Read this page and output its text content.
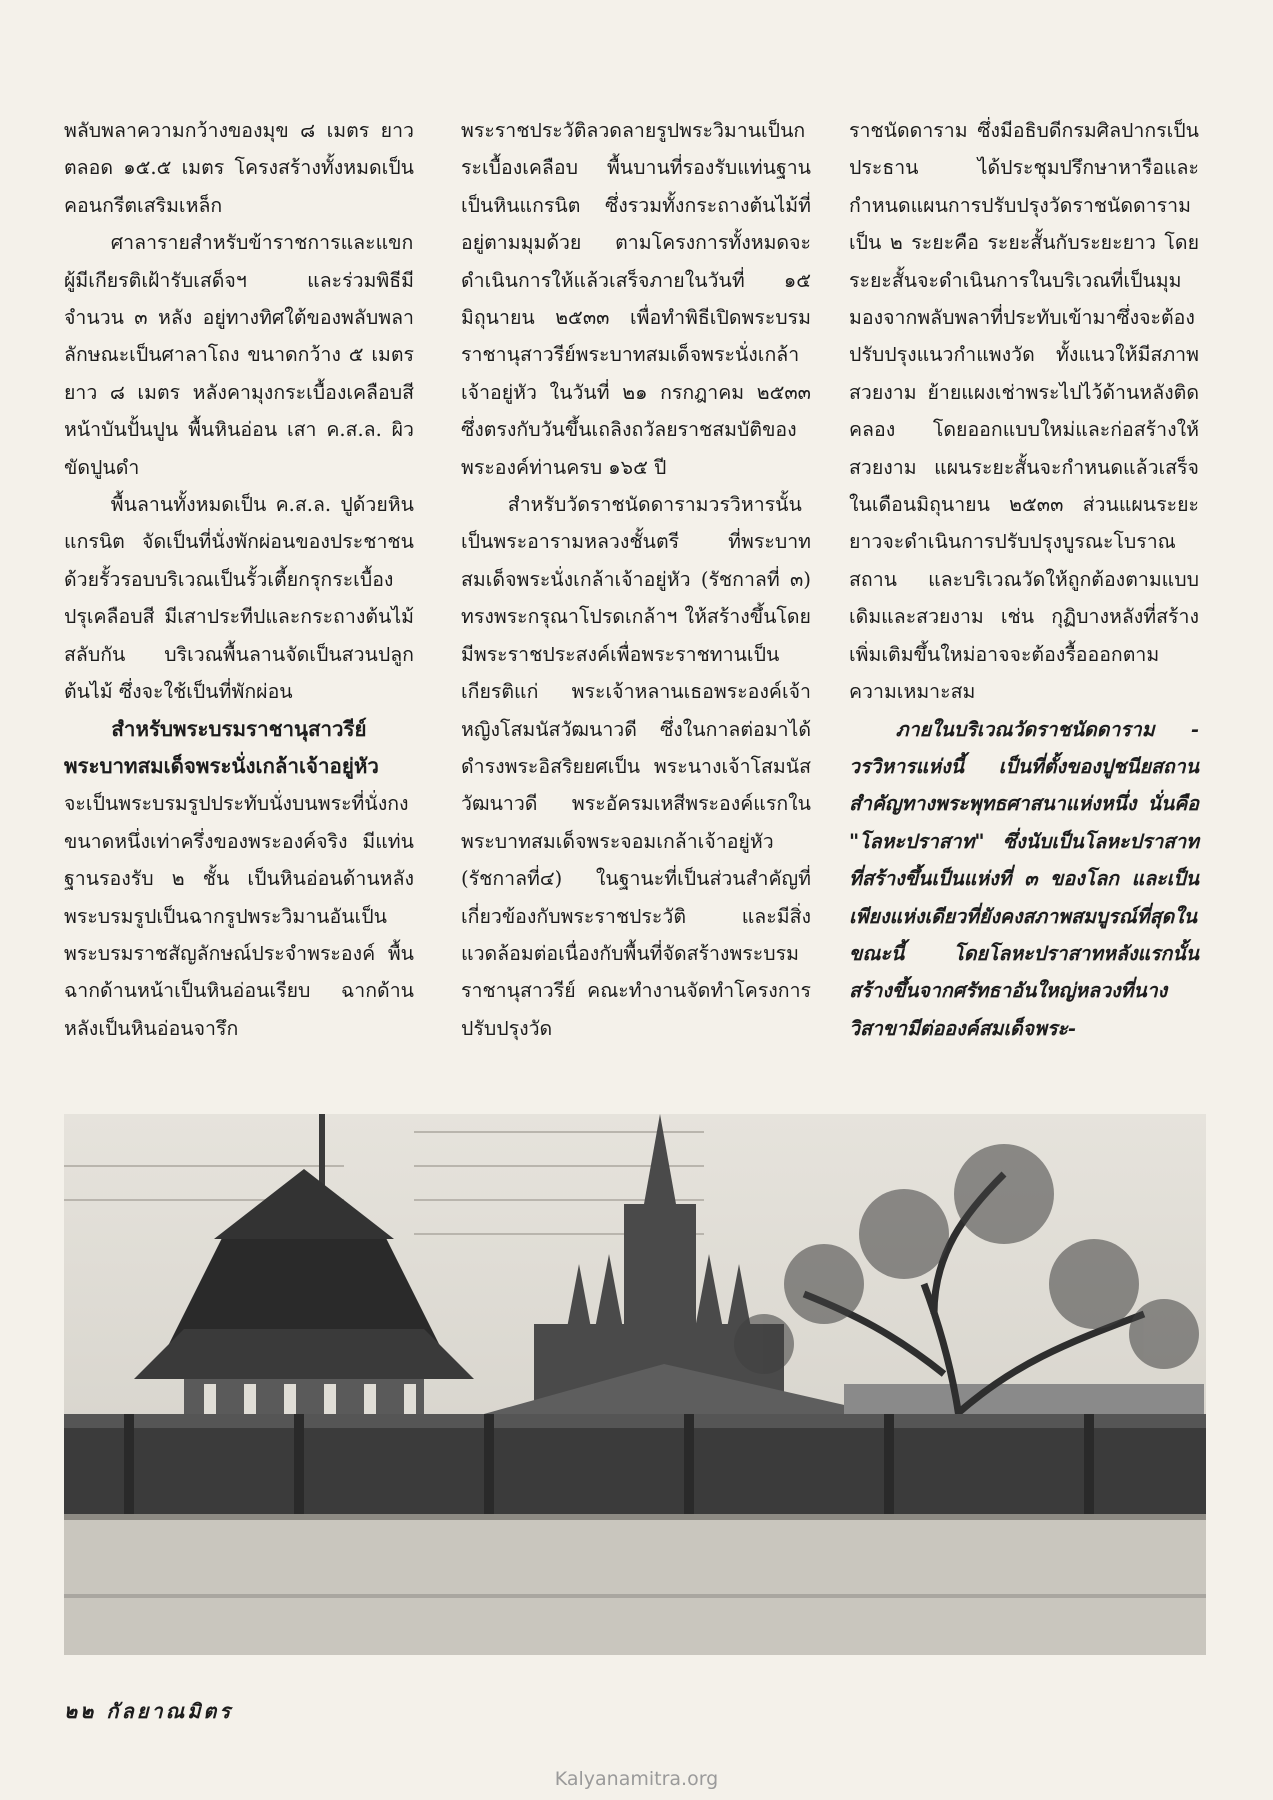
พลับพลาความกว้างของมุข ๘ เมตร ยาวตลอด ๑๕.๕ เมตร โครงสร้างทั้งหมดเป็นคอนกรีตเสริมเหล็ก

ศาลารายสำหรับข้าราชการและแขกผู้มีเกียรติเฝ้ารับเสด็จฯ และร่วมพิธีมีจำนวน ๓ หลัง อยู่ทางทิศใต้ของพลับพลา ลักษณะเป็นศาลาโถง ขนาดกว้าง ๕ เมตร ยาว ๘ เมตร หลังคามุงกระเบื้องเคลือบสี หน้าบันปั้นปูน พื้นหินอ่อน เสา ค.ส.ล. ผิวขัดปูนดำ

พื้นลานทั้งหมดเป็น ค.ส.ล. ปูด้วยหินแกรนิต จัดเป็นที่นั่งพักผ่อนของประชาชนด้วยรั้วรอบบริเวณเป็นรั้วเตี้ยกรุกระเบื้องปรุเคลือบสี มีเสาประทีปและกระถางต้นไม้สลับกัน บริเวณพื้นลานจัดเป็นสวนปลูกต้นไม้ ซึ่งจะใช้เป็นที่พักผ่อน

สำหรับพระบรมราชานุสาวรีย์

พระบาทสมเด็จพระนั่งเกล้าเจ้าอยู่หัว

จะเป็นพระบรมรูปประทับนั่งบนพระที่นั่งกงขนาดหนึ่งเท่าครึ่งของพระองค์จริง มีแท่นฐานรองรับ ๒ ชั้น เป็นหินอ่อนด้านหลังพระบรมรูปเป็นฉากรูปพระวิมานอันเป็นพระบรมราชสัญลักษณ์ประจำพระองค์ พื้นฉากด้านหน้าเป็นหินอ่อนเรียบ ฉากด้านหลังเป็นหินอ่อนจารึก

พระราชประวัติลวดลายรูปพระวิมานเป็นกระเบื้องเคลือบ พื้นบานที่รองรับแท่นฐานเป็นหินแกรนิต ซึ่งรวมทั้งกระถางต้นไม้ที่อยู่ตามมุมด้วย ตามโครงการทั้งหมดจะดำเนินการให้แล้วเสร็จภายในวันที่ ๑๕ มิถุนายน ๒๕๓๓ เพื่อทำพิธีเปิดพระบรมราชานุสาวรีย์พระบาทสมเด็จพระนั่งเกล้าเจ้าอยู่หัว ในวันที่ ๒๑ กรกฎาคม ๒๕๓๓ ซึ่งตรงกับวันขึ้นเถลิงถวัลยราชสมบัติของพระองค์ท่านครบ ๑๖๕ ปี

สำหรับวัดราชนัดดารามวรวิหารนั้นเป็นพระอารามหลวงชั้นตรี ที่พระบาทสมเด็จพระนั่งเกล้าเจ้าอยู่หัว (รัชกาลที่ ๓) ทรงพระกรุณาโปรดเกล้าฯ ให้สร้างขึ้นโดยมีพระราชประสงค์เพื่อพระราชทานเป็นเกียรติแก่ พระเจ้าหลานเธอพระองค์เจ้าหญิงโสมนัสวัฒนาวดี ซึ่งในกาลต่อมาได้ดำรงพระอิสริยยศเป็น พระนางเจ้าโสมนัสวัฒนาวดี พระอัครมเหสีพระองค์แรกในพระบาทสมเด็จพระจอมเกล้าเจ้าอยู่หัว (รัชกาลที่๔) ในฐานะที่เป็นส่วนสำคัญที่เกี่ยวข้องกับพระราชประวัติ และมีสิ่งแวดล้อมต่อเนื่องกับพื้นที่จัดสร้างพระบรมราชานุสาวรีย์ คณะทำงานจัดทำโครงการปรับปรุงวัด

ราชนัดดาราม ซึ่งมีอธิบดีกรมศิลปากรเป็นประธาน ได้ประชุมปรึกษาหารือและกำหนดแผนการปรับปรุงวัดราชนัดดารามเป็น ๒ ระยะคือ ระยะสั้นกับระยะยาว โดยระยะสั้นจะดำเนินการในบริเวณที่เป็นมุมมองจากพลับพลาที่ประทับเข้ามาซึ่งจะต้องปรับปรุงแนวกำแพงวัด ทั้งแนวให้มีสภาพสวยงาม ย้ายแผงเช่าพระไปไว้ด้านหลังติดคลอง โดยออกแบบใหม่และก่อสร้างให้สวยงาม แผนระยะสั้นจะกำหนดแล้วเสร็จในเดือนมิถุนายน ๒๕๓๓ ส่วนแผนระยะยาวจะดำเนินการปรับปรุงบูรณะโบราณสถาน และบริเวณวัดให้ถูกต้องตามแบบเดิมและสวยงาม เช่น กุฏิบางหลังที่สร้างเพิ่มเติมขึ้นใหม่อาจจะต้องรื้อออกตามความเหมาะสม

ภายในบริเวณวัดราชนัดดาราม - วรวิหารแห่งนี้ เป็นที่ตั้งของปูชนียสถานสำคัญทางพระพุทธศาสนาแห่งหนึ่ง นั่นคือ "โลหะปราสาท" ซึ่งนับเป็นโลหะปราสาทที่สร้างขึ้นเป็นแห่งที่ ๓ ของโลก และเป็นเพียงแห่งเดียวที่ยังคงสภาพสมบูรณ์ที่สุดในขณะนี้ โดยโลหะปราสาทหลังแรกนั้นสร้างขึ้นจากศรัทธาอันใหญ่หลวงที่นางวิสาขามีต่อองค์สมเด็จพระ-

๒๒ กัลยาณมิตร
Kalyanamitra.org
